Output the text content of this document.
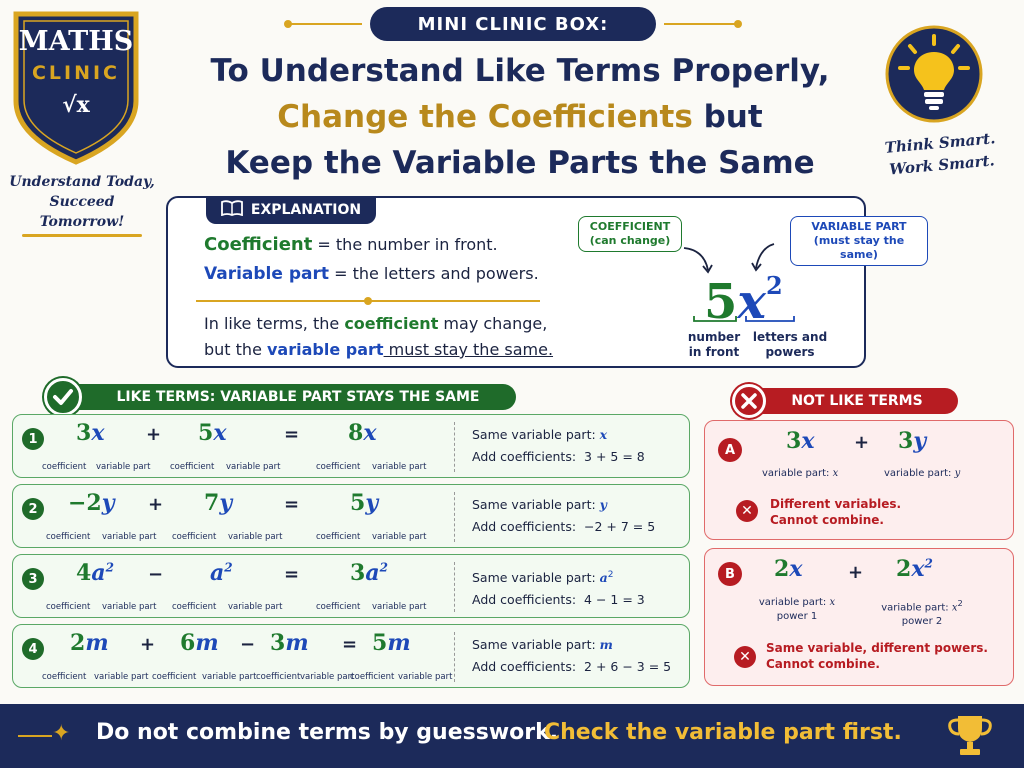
MATHS
CLINIC
√x
Understand Today,
Succeed Tomorrow!
MINI CLINIC BOX:
To Understand Like Terms Properly,
Change the Coefficients but
Keep the Variable Parts the Same
Think Smart.
Work Smart.
EXPLANATION
Coefficient = the number in front.
Variable part = the letters and powers.
In like terms, the coefficient may change,
but the variable part must stay the same.
COEFFICIENT
(can change)
VARIABLE PART
(must stay the same)
$5x^2$
number
in front
letters and
powers
LIKE TERMS: VARIABLE PART STAYS THE SAME	NOT LIKE TERMS
1 3x + 5x	= 8x
coefficient variable part coefficient variable part	coefficient variable part
Same variable part: x
Add coefficients: 3 + 5 = 8
2 −2y + 7y	= 5y
coefficient variable part coefficient variable part	coefficient variable part
Same variable part: y
Add coefficients: −2 + 7 = 5
3 $4a^2 - a^2$	= $3a^2$
coefficient variable part coefficient variable part	coefficient variable part
Same variable part: $a^2$
Add coefficients: 4 − 1 = 3
4 2m + 6m − 3m = 5m
coefficient variable part coefficient variable part coefficient variable part
coefficient variable part
Same variable part: m
Add coefficients: 2 + 6 − 3 = 5
A	3x + 3y
variable part: x	variable part: y
✕	Different variables.
Cannot combine.
B	2x	+ $2x^2$
variable part: x
power 1
variable part: $x^2$
power 2
✕
Same variable, different powers.
Cannot combine.
✦ Do not combine terms by guesswork.
Check the variable part first.
